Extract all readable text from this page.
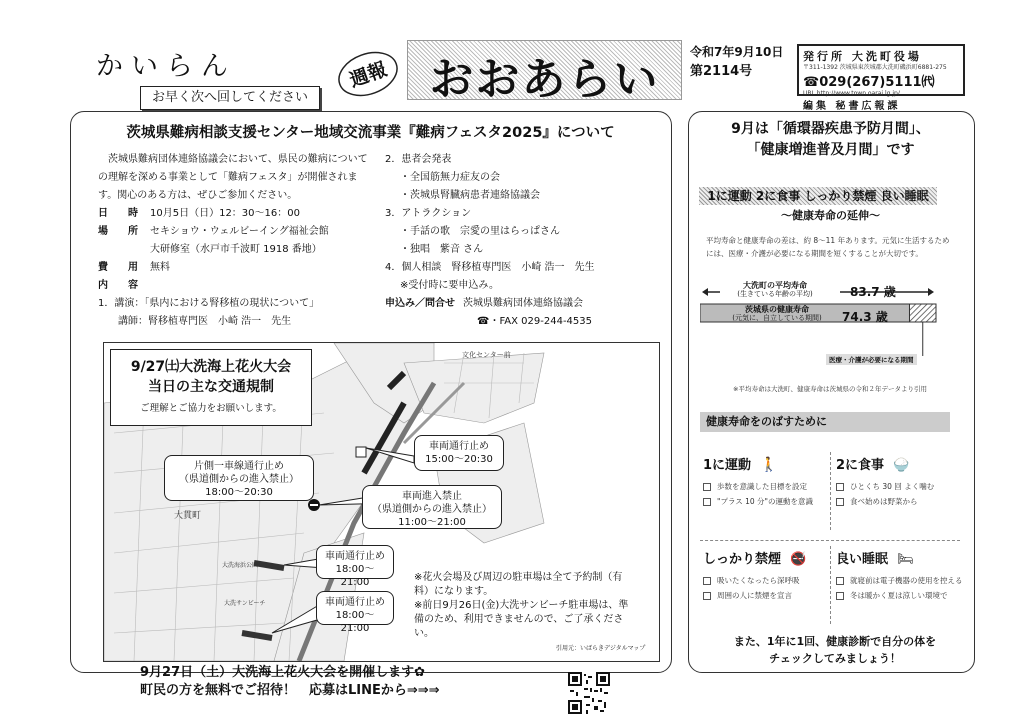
かいらん
お早く次へ回してください
週報 おおあらい
令和7年9月10日
第2114号
発行所 大洗町役場
〒311-1392 茨城県東茨城郡大洗町磯浜町6881-275
☎029(267)5111㈹
URL http://www.town.oarai.lg.jp/
編集 秘書広報課
茨城県難病相談支援センター地域交流事業『難病フェスタ2025』について

茨城県難病団体連絡協議会において、県民の難病についての理解を深める事業として「難病フェスタ」が開催されます。関心のある方は、ぜひご参加ください。

日　　時	10月5日（日）12：30～16：00
場　　所	セキショウ・ウェルビーイング福祉会館
大研修室（水戸市千波町 1918 番地）
費　　用	無料
内　　容

1．講演：「県内における腎移植の現状について」

講師：腎移植専門医　小崎 浩一　先生

2．患者会発表

・全国筋無力症友の会

・茨城県腎臓病患者連絡協議会

3．アトラクション

・手話の歌　宗愛の里はらっぱさん

・独唱　紫音 さん

4．個人相談　腎移植専門医　小崎 浩一　先生

※受付時に要申込み。

申込み／問合せ 茨城県難病団体連絡協議会

☎・FAX 029-244-4535

文化センター前
大貫町
大洗海浜公園
大洗サンビーチ
9/27㈯大洗海上花火大会
当日の主な交通規制
ご理解とご協力をお願いします。
車両通行止め
15:00～20:30
片側一車線通行止め
（県道側からの進入禁止）
18:00～20:30	車両進入禁止
（県道側からの進入禁止）
11:00～21:00
車両通行止め
18:00～21:00
車両通行止め
18:00～21:00
※花火会場及び周辺の駐車場は全て予約制（有料）になります。
※前日9月26日(金)大洗サンビーチ駐車場は、準備のため、利用できませんので、ご了承ください。
引用元：いばらきデジタルマップ
9月27日（土）大洗海上花火大会を開催します✿
町民の方を無料でご招待！　応募はLINEから⇒⇒⇒
9月は「循環器疾患予防月間」、
「健康増進普及月間」です
1に運動 2に食事 しっかり禁煙 良い睡眠
～健康寿命の延伸～
平均寿命と健康寿命の差は、約 8～11 年あります。元気に生活するためには、医療・介護が必要になる期間を短くすることが大切です。
大洗町の平均寿命
(生きている年齢の平均)	83.7 歳
茨城県の健康寿命
(元気に、自立している期間)	74.3 歳
医療・介護が必要になる期間
※平均寿命は大洗町、健康寿命は茨城県の令和２年データより引用
健康寿命をのばすために
1に運動 🚶
歩数を意識した目標を設定
"プラス 10 分"の運動を意識
2に食事 🍚
ひとくち 30 回 よく噛む
食べ始めは野菜から
しっかり禁煙 🚭
吸いたくなったら深呼吸
周囲の人に禁煙を宣言
良い睡眠 🛏
就寝前は電子機器の使用を控える
冬は暖かく夏は涼しい環境で
また、1年に1回、健康診断で自分の体を
チェックしてみましょう！
